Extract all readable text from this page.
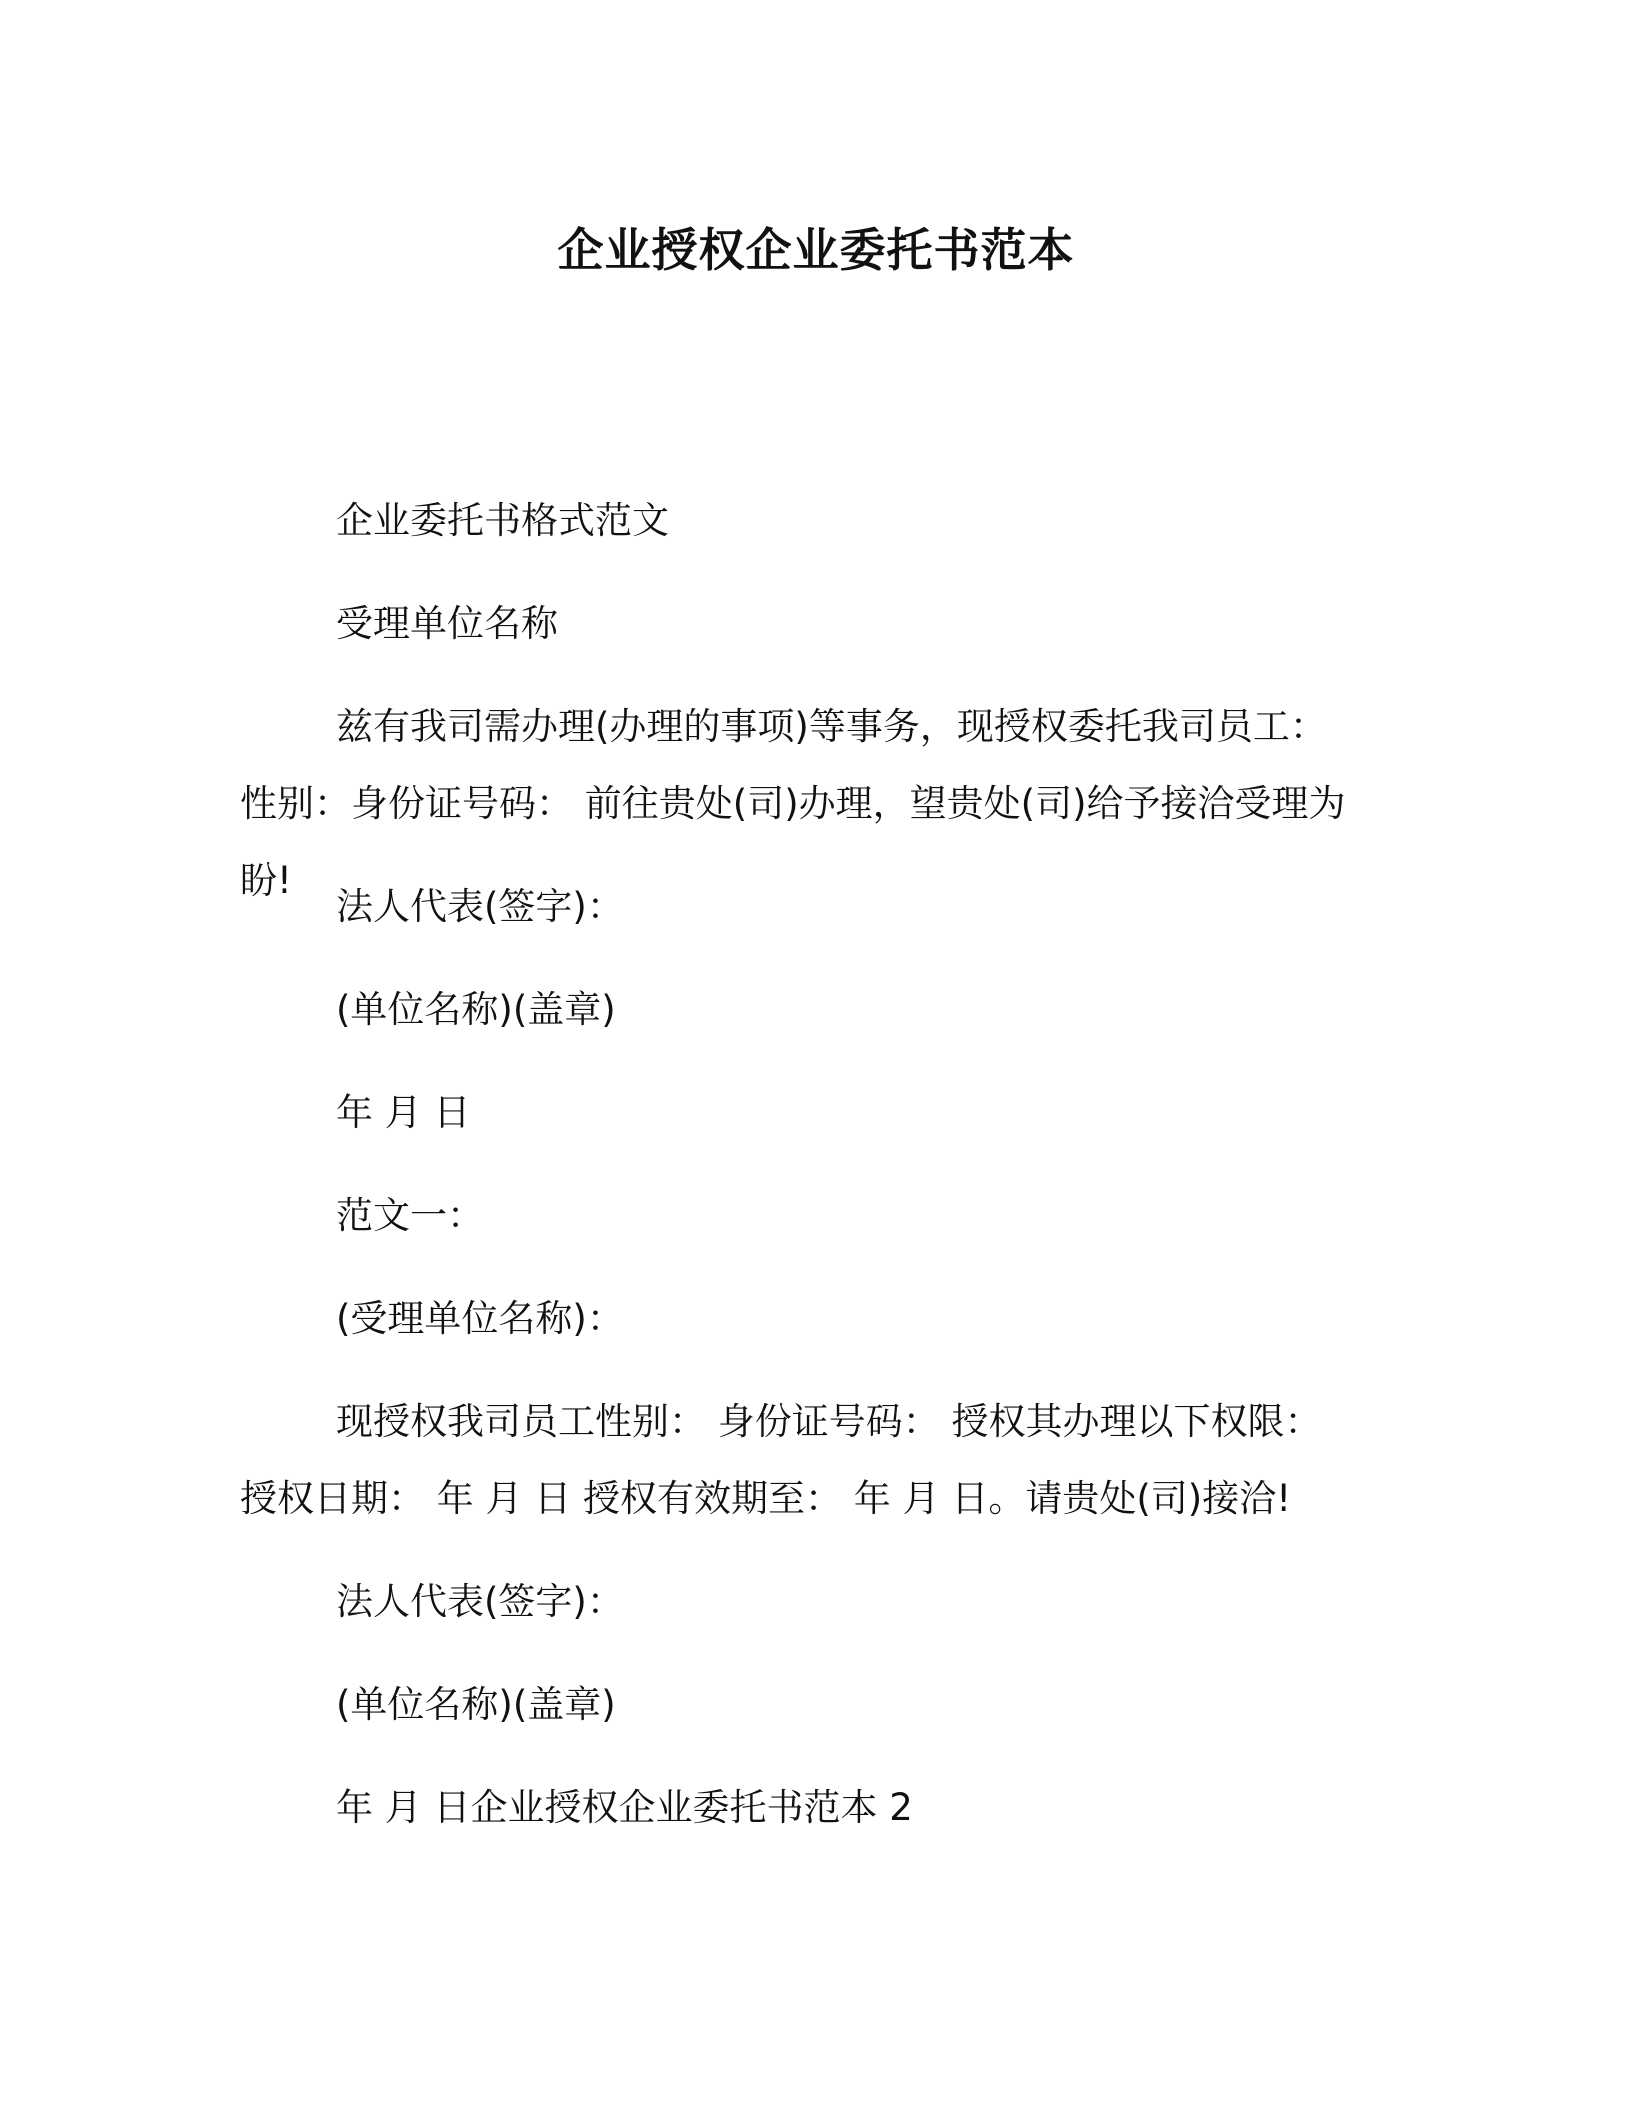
企业授权企业委托书范本
企业委托书格式范文
受理单位名称
兹有我司需办理(办理的事项)等事务，现授权委托我司员工：性别：身份证号码： 前往贵处(司)办理，望贵处(司)给予接洽受理为盼!
法人代表(签字)：
(单位名称)(盖章)
年 月 日
范文一：
(受理单位名称)：
现授权我司员工性别： 身份证号码： 授权其办理以下权限： 授权日期： 年 月 日 授权有效期至： 年 月 日。请贵处(司)接洽!
法人代表(签字)：
(单位名称)(盖章)
年 月 日企业授权企业委托书范本 2
